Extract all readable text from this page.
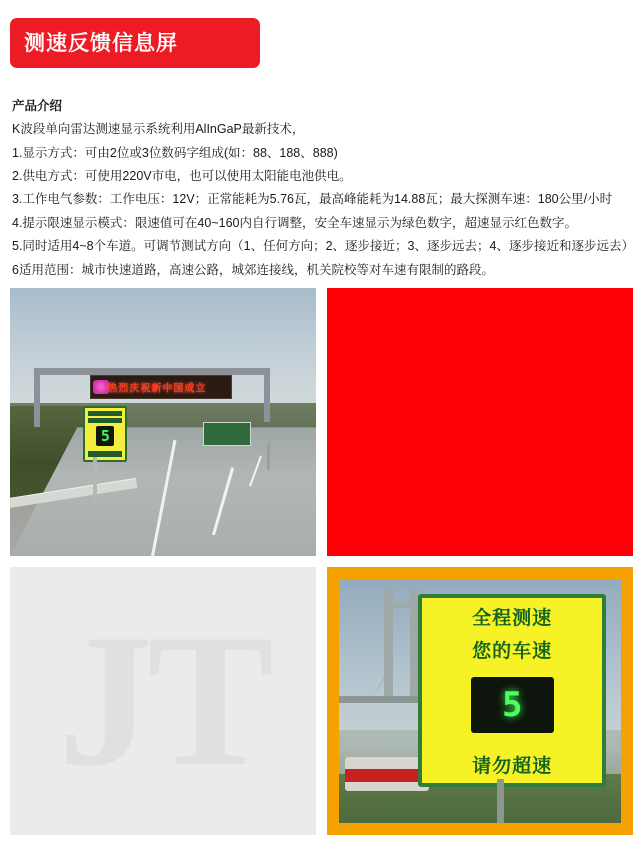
测速反馈信息屏
产品介绍

K波段单向雷达测速显示系统利用AlInGaP最新技术，

1.显示方式：可由2位或3位数码字组成(如：88、188、888)

2.供电方式：可使用220V市电，也可以使用太阳能电池供电。

3.工作电气参数：工作电压：12V；正常能耗为5.76瓦，最高峰能耗为14.88瓦；最大探测车速：180公里/小时

4.提示限速显示模式：限速值可在40~160内自行调整，安全车速显示为绿色数字，超速显示红色数字。

5.同时适用4~8个车道。可调节测试方向（1、任何方向；2、逐步接近；3、逐步远去；4、逐步接近和逐步远去）

6适用范围：城市快速道路，高速公路，城郊连接线，机关院校等对车速有限制的路段。

热烈庆祝新中国成立
5
JT	全程测速
您的车速
5
请勿超速
